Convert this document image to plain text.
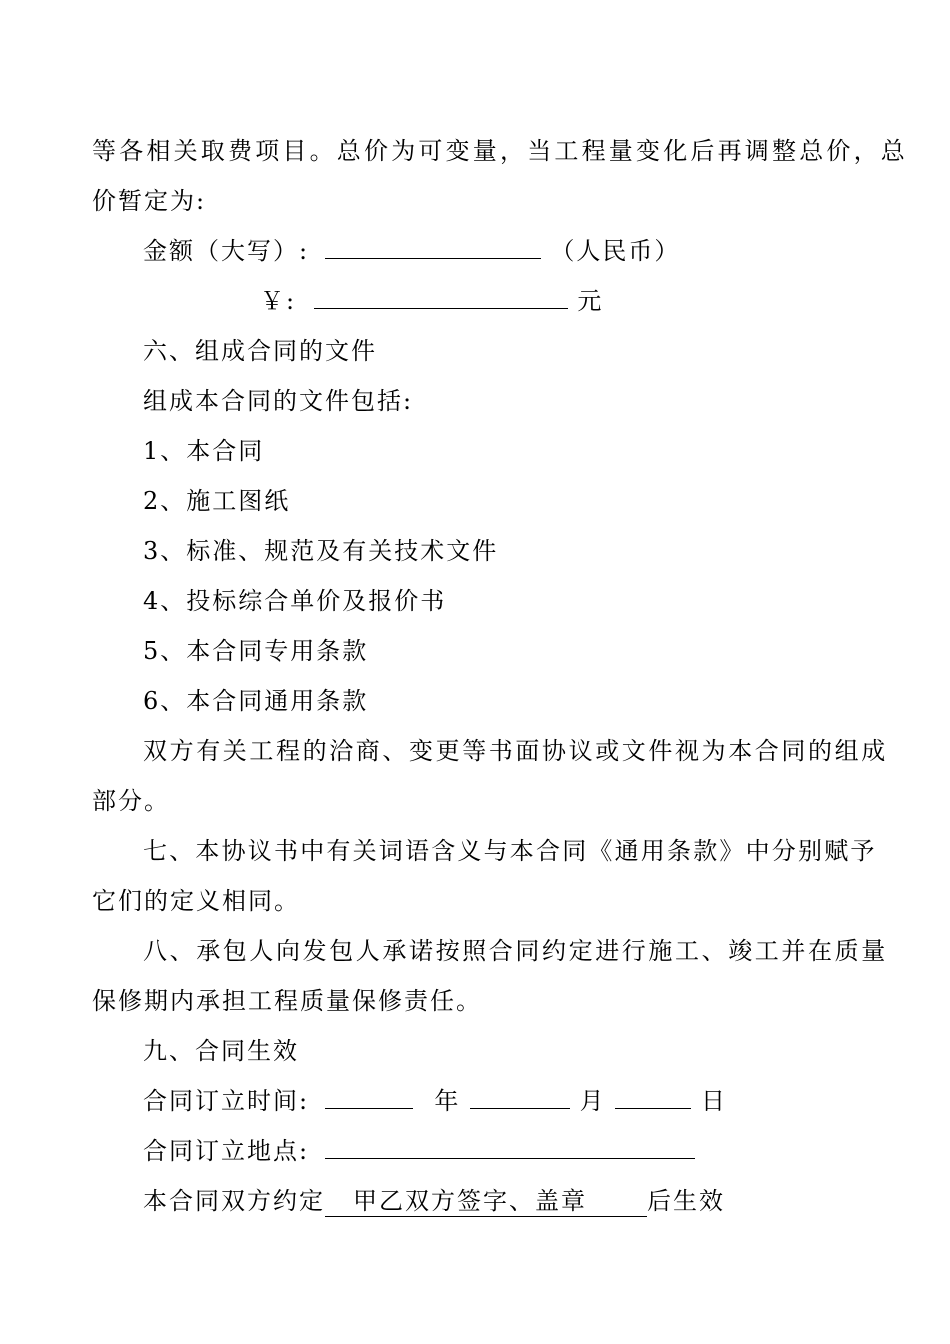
等各相关取费项目。总价为可变量，当工程量变化后再调整总价，总
价暂定为:
金额（大写）:	（人民币）
￥:	元
六、组成合同的文件
组成本合同的文件包括:
1、本合同
2、施工图纸
3、标准、规范及有关技术文件
4、投标综合单价及报价书
5、本合同专用条款
6、本合同通用条款
双方有关工程的洽商、变更等书面协议或文件视为本合同的组成
部分。
七、本协议书中有关词语含义与本合同《通用条款》中分别赋予
它们的定义相同。
八、承包人向发包人承诺按照合同约定进行施工、竣工并在质量
保修期内承担工程质量保修责任。
九、合同生效
合同订立时间:	年	月	日
合同订立地点:
本合同双方约定 甲乙双方签字、盖章	后生效
